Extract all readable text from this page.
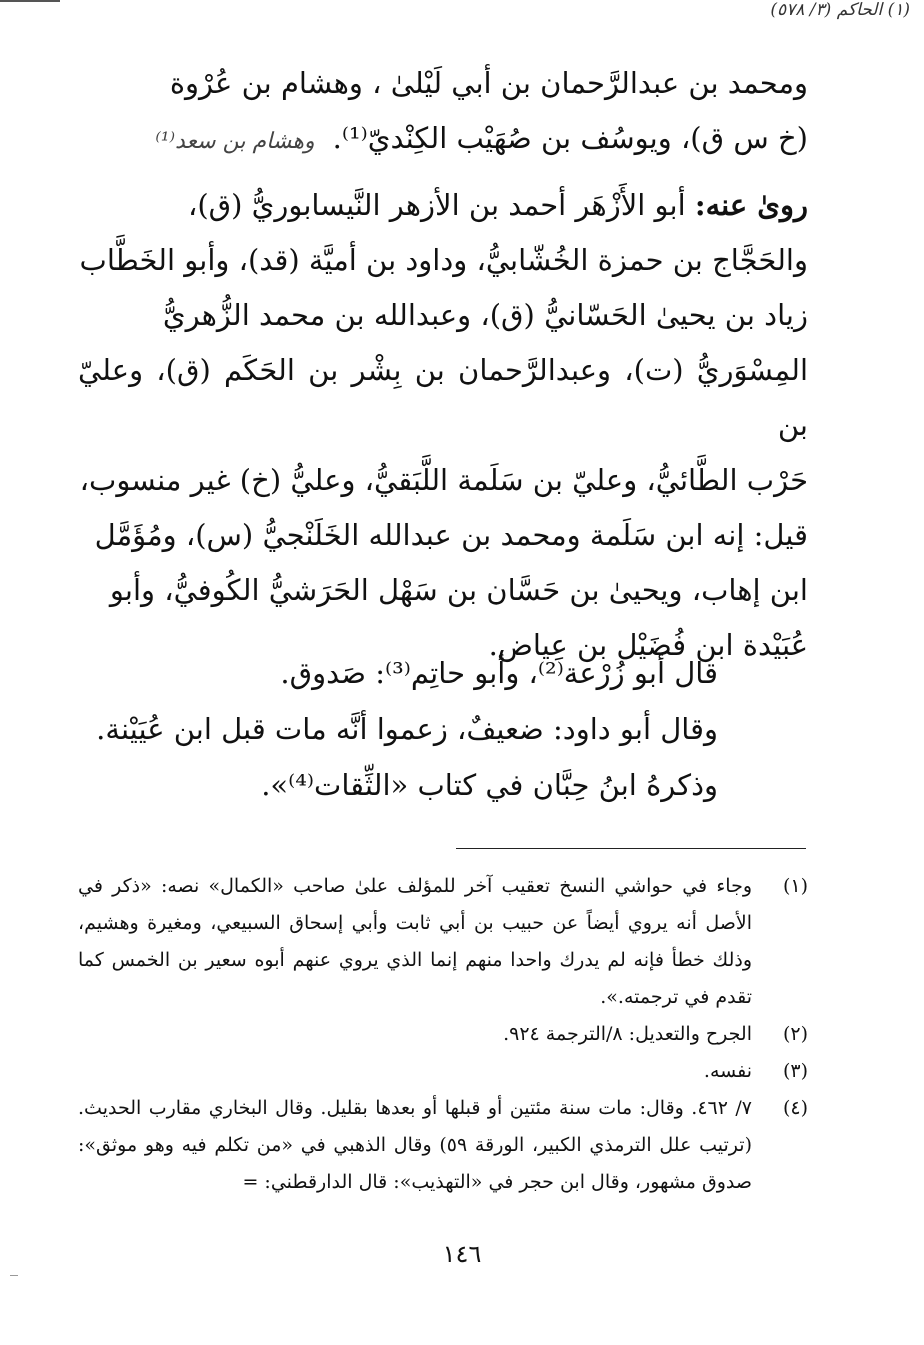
(١) الحاكم (٣/ ٥٧٨)
ومحمد بن عبدالرَّحمان بن أبي لَيْلىٰ ، وهشام بن عُرْوة
(خ س ق)، ويوسُف بن صُهَيْب الكِنْديّ⁽¹⁾.وهشام بن سعد⁽¹⁾
روىٰ عنه: أبو الأَزْهَر أحمد بن الأزهر النَّيسابوريُّ (ق)،
والحَجَّاج بن حمزة الخُشّابيُّ، وداود بن أميَّة (قد)، وأبو الخَطَّاب
زياد بن يحيىٰ الحَسّانيُّ (ق)، وعبدالله بن محمد الزُّهريُّ
المِسْوَريُّ (ت)، وعبدالرَّحمان بن بِشْر بن الحَكَم (ق)، وعليّ بن
حَرْب الطَّائيُّ، وعليّ بن سَلَمة اللَّبَقيُّ، وعليُّ (خ) غير منسوب،
قيل: إنه ابن سَلَمة ومحمد بن عبدالله الخَلَنْجيُّ (س)، ومُؤَمَّل
ابن إهاب، ويحيىٰ بن حَسَّان بن سَهْل الحَرَشيُّ الكُوفيُّ، وأبو
عُبَيْدة ابن فُضَيْل بن عِياض.
قال أبو زُرْعة⁽²⁾، وأبو حاتِم⁽³⁾: صَدوق.
وقال أبو داود: ضعيفٌ، زعموا أنَّه مات قبل ابن عُيَيْنة.
وذكرهُ ابنُ حِبَّان في كتاب «الثِّقات⁽⁴⁾».
(١)
وجاء في حواشي النسخ تعقيب آخر للمؤلف علىٰ صاحب «الكمال» نصه: «ذكر في الأصل أنه يروي أيضاً عن حبيب بن أبي ثابت وأبي إسحاق السبيعي، ومغيرة وهشيم، وذلك خطأ فإنه لم يدرك واحدا منهم إنما الذي يروي عنهم أبوه سعير بن الخمس كما تقدم في ترجمته.».
(٢)
الجرح والتعديل: ٨/الترجمة ٩٢٤.
(٣)
نفسه.
(٤)
٧/ ٤٦٢. وقال: مات سنة مئتين أو قبلها أو بعدها بقليل. وقال البخاري مقارب الحديث. (ترتيب علل الترمذي الكبير، الورقة ٥٩) وقال الذهبي في «من تكلم فيه وهو موثق»: صدوق مشهور، وقال ابن حجر في «التهذيب»: قال الدارقطني: =
١٤٦
